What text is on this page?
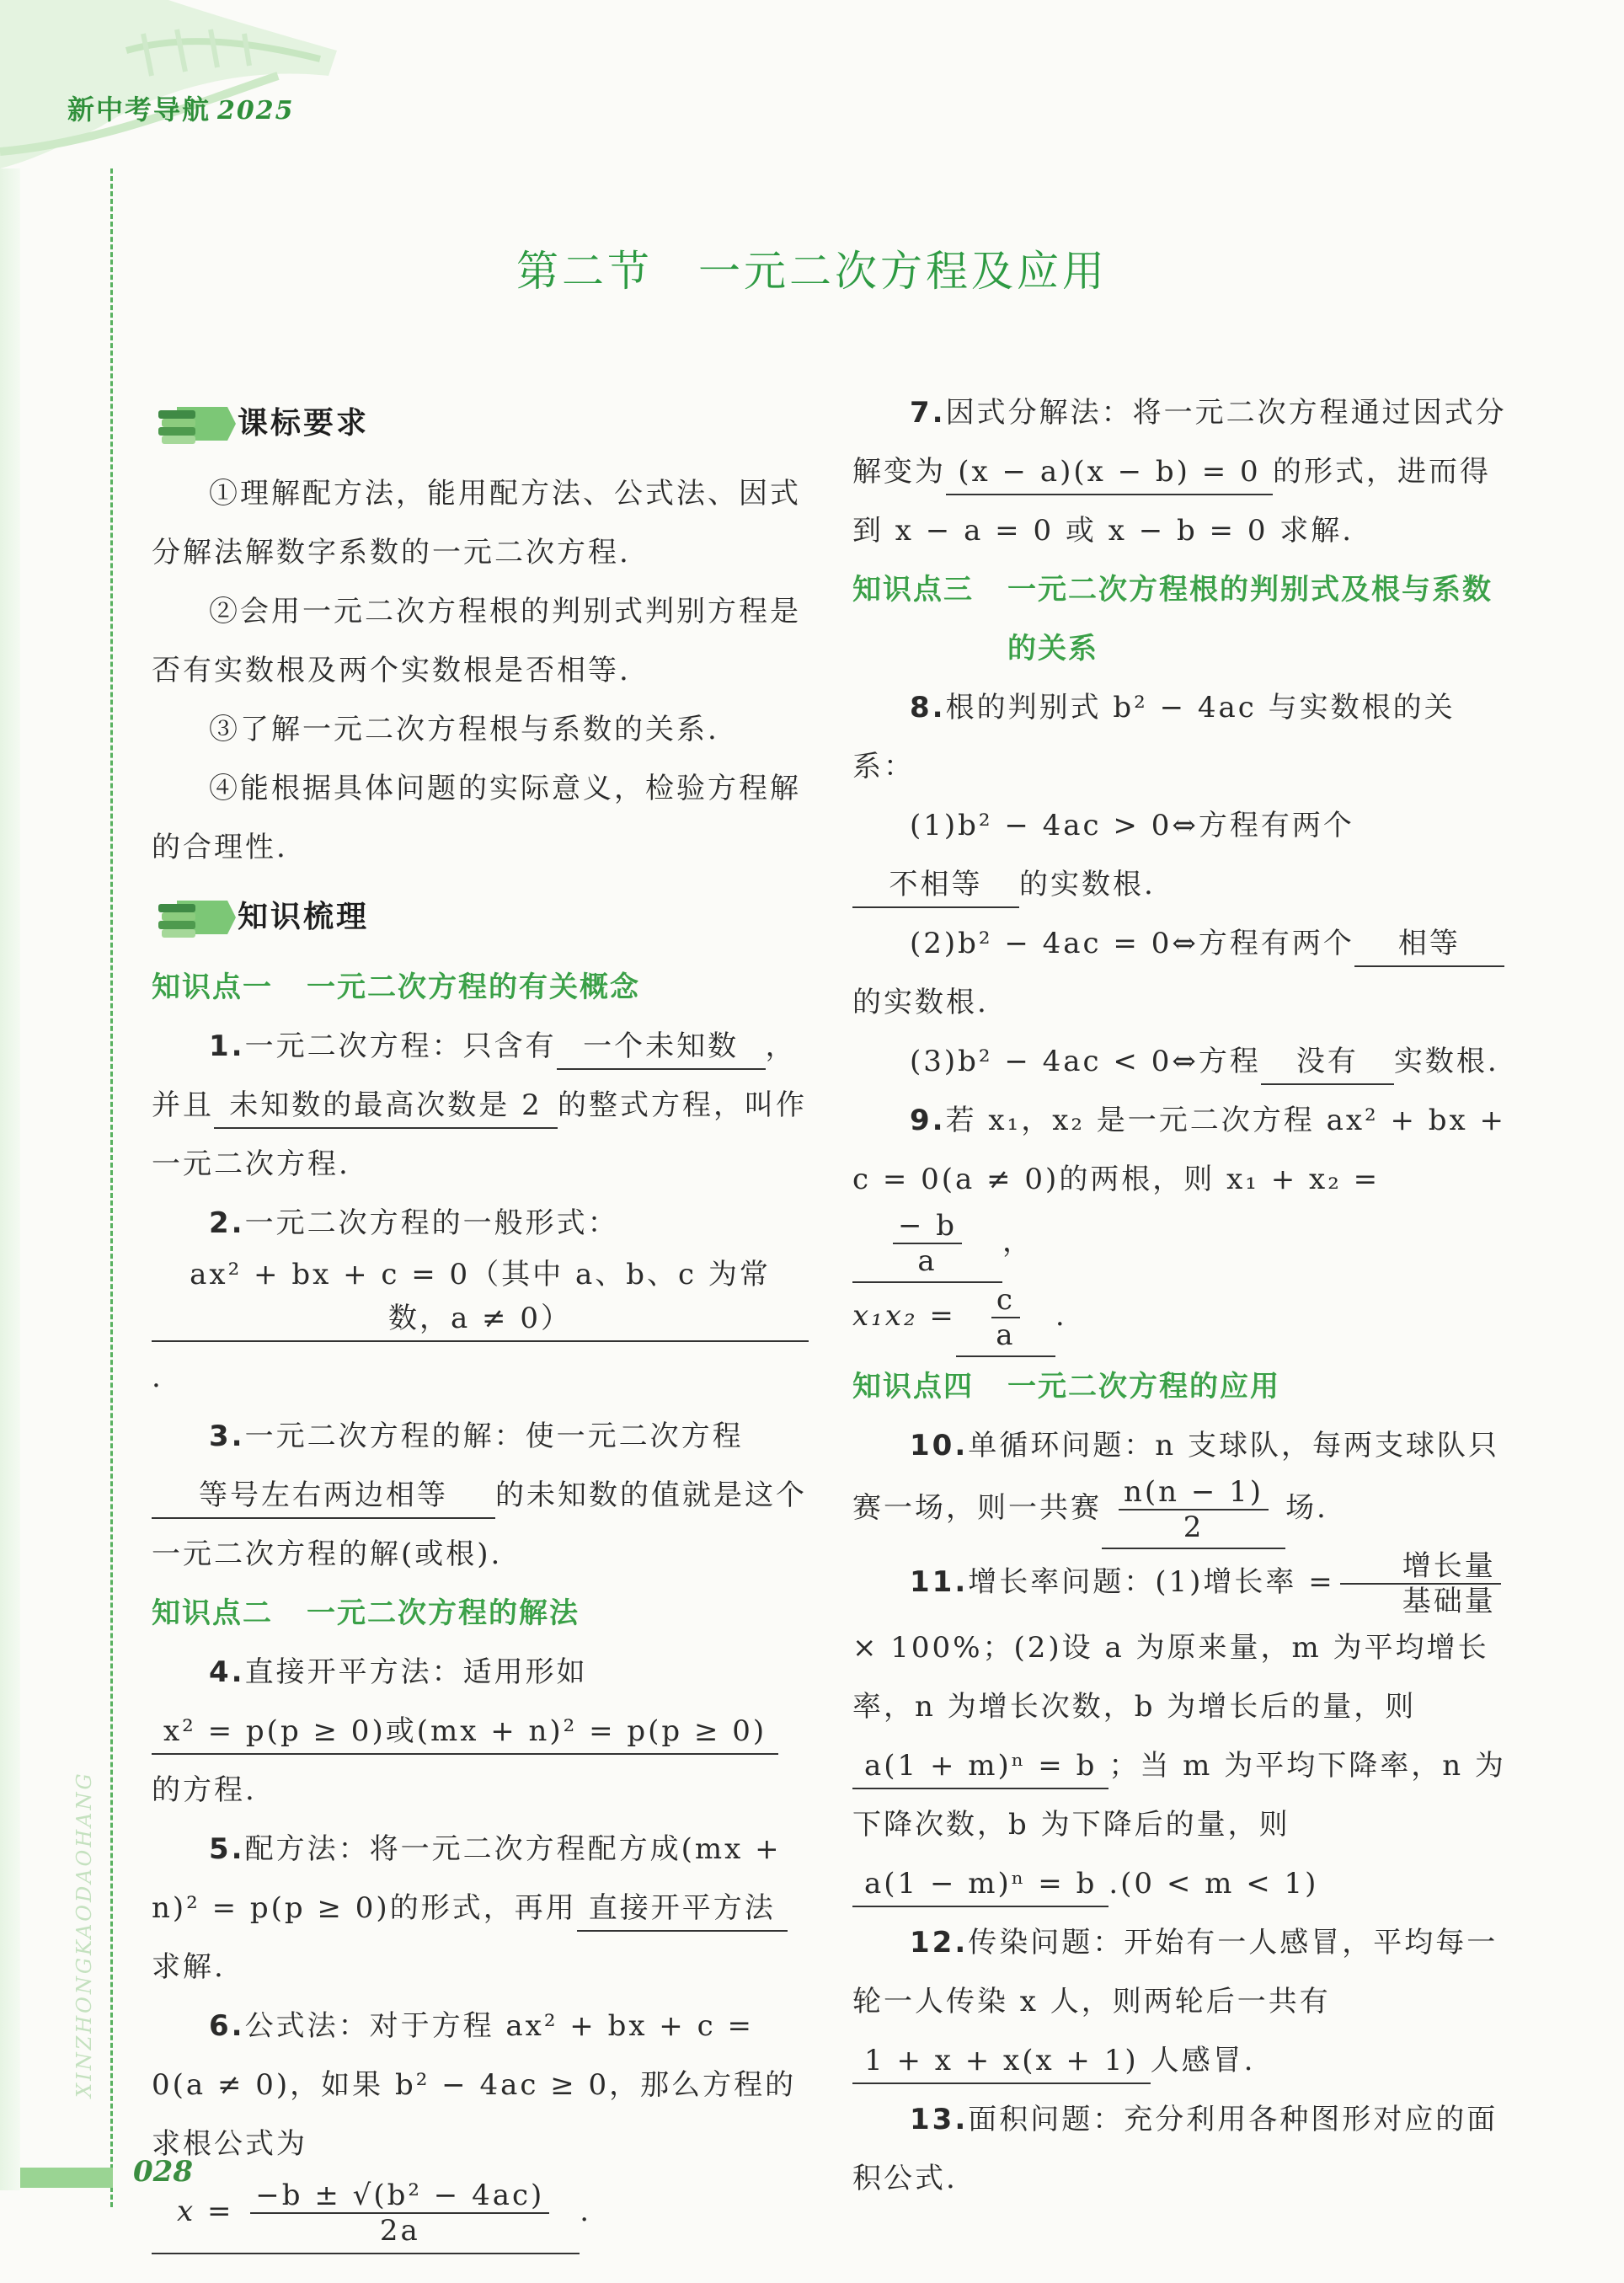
新中考导航 2025
XINZHONGKAODAOHANG
028
第二节　一元二次方程及应用
课标要求

①理解配方法，能用配方法、公式法、因式分解法解数字系数的一元二次方程.

②会用一元二次方程根的判别式判别方程是否有实数根及两个实数根是否相等.

③了解一元二次方程根与系数的关系.

④能根据具体问题的实际意义，检验方程解的合理性.

知识梳理
知识点一 一元二次方程的有关概念

1.一元二次方程：只含有 一个未知数 ，并且 未知数的最高次数是 2 的整式方程，叫作一元二次方程.

2.一元二次方程的一般形式：ax² + bx + c = 0（其中 a、b、c 为常数，a ≠ 0）.

3.一元二次方程的解：使一元二次方程等号左右两边相等 的未知数的值就是这个一元二次方程的解(或根).

知识点二 一元二次方程的解法

4.直接开平方法：适用形如x² = p(p ≥ 0)或(mx + n)² = p(p ≥ 0)的方程.

5.配方法：将一元二次方程配方成(mx + n)² = p(p ≥ 0)的形式，再用 直接开平方法求解.

6.公式法：对于方程 ax² + bx + c = 0(a ≠ 0)，如果 b² − 4ac ≥ 0，那么方程的求根公式为

$x = \frac{\text{−b ± √(b² − 4ac)}}{2a}$ .

7.因式分解法：将一元二次方程通过因式分解变为 (x − a)(x − b) = 0 的形式，进而得到 x − a = 0 或 x − b = 0 求解.

知识点三 一元二次方程根的判别式及根与系数的关系

8.根的判别式 b² − 4ac 与实数根的关系：

(1)b² − 4ac > 0⇔方程有两个不相等 的实数根.

(2)b² − 4ac = 0⇔方程有两个 相等的实数根.

(3)b² − 4ac < 0⇔方程 没有 实数根.

9.若 x₁，x₂ 是一元二次方程 ax² + bx + c = 0(a ≠ 0)的两根，则 x₁ + x₂ =
$\frac{- b}{a}$ ，

$x_1x_2 = \frac{c}{a}$ .

知识点四 一元二次方程的应用

10.单循环问题：n 支球队，每两支球队只赛一场，则一共赛 $\frac{n(n - 1)}{2}$ 场.

11.增长率问题：(1)增长率 = $\frac{\text{增长量}}{\text{基础量}}$
× 100%；(2)设 a 为原来量，m 为平均增长率，n 为增长次数，b 为增长后的量，则a(1 + m)ⁿ = b ；当 m 为平均下降率，n 为下降次数，b 为下降后的量，则a(1 − m)ⁿ = b .(0 < m < 1)

12.传染问题：开始有一人感冒，平均每一轮一人传染 x 人，则两轮后一共有1 + x + x(x + 1) 人感冒.

13.面积问题：充分利用各种图形对应的面积公式.
